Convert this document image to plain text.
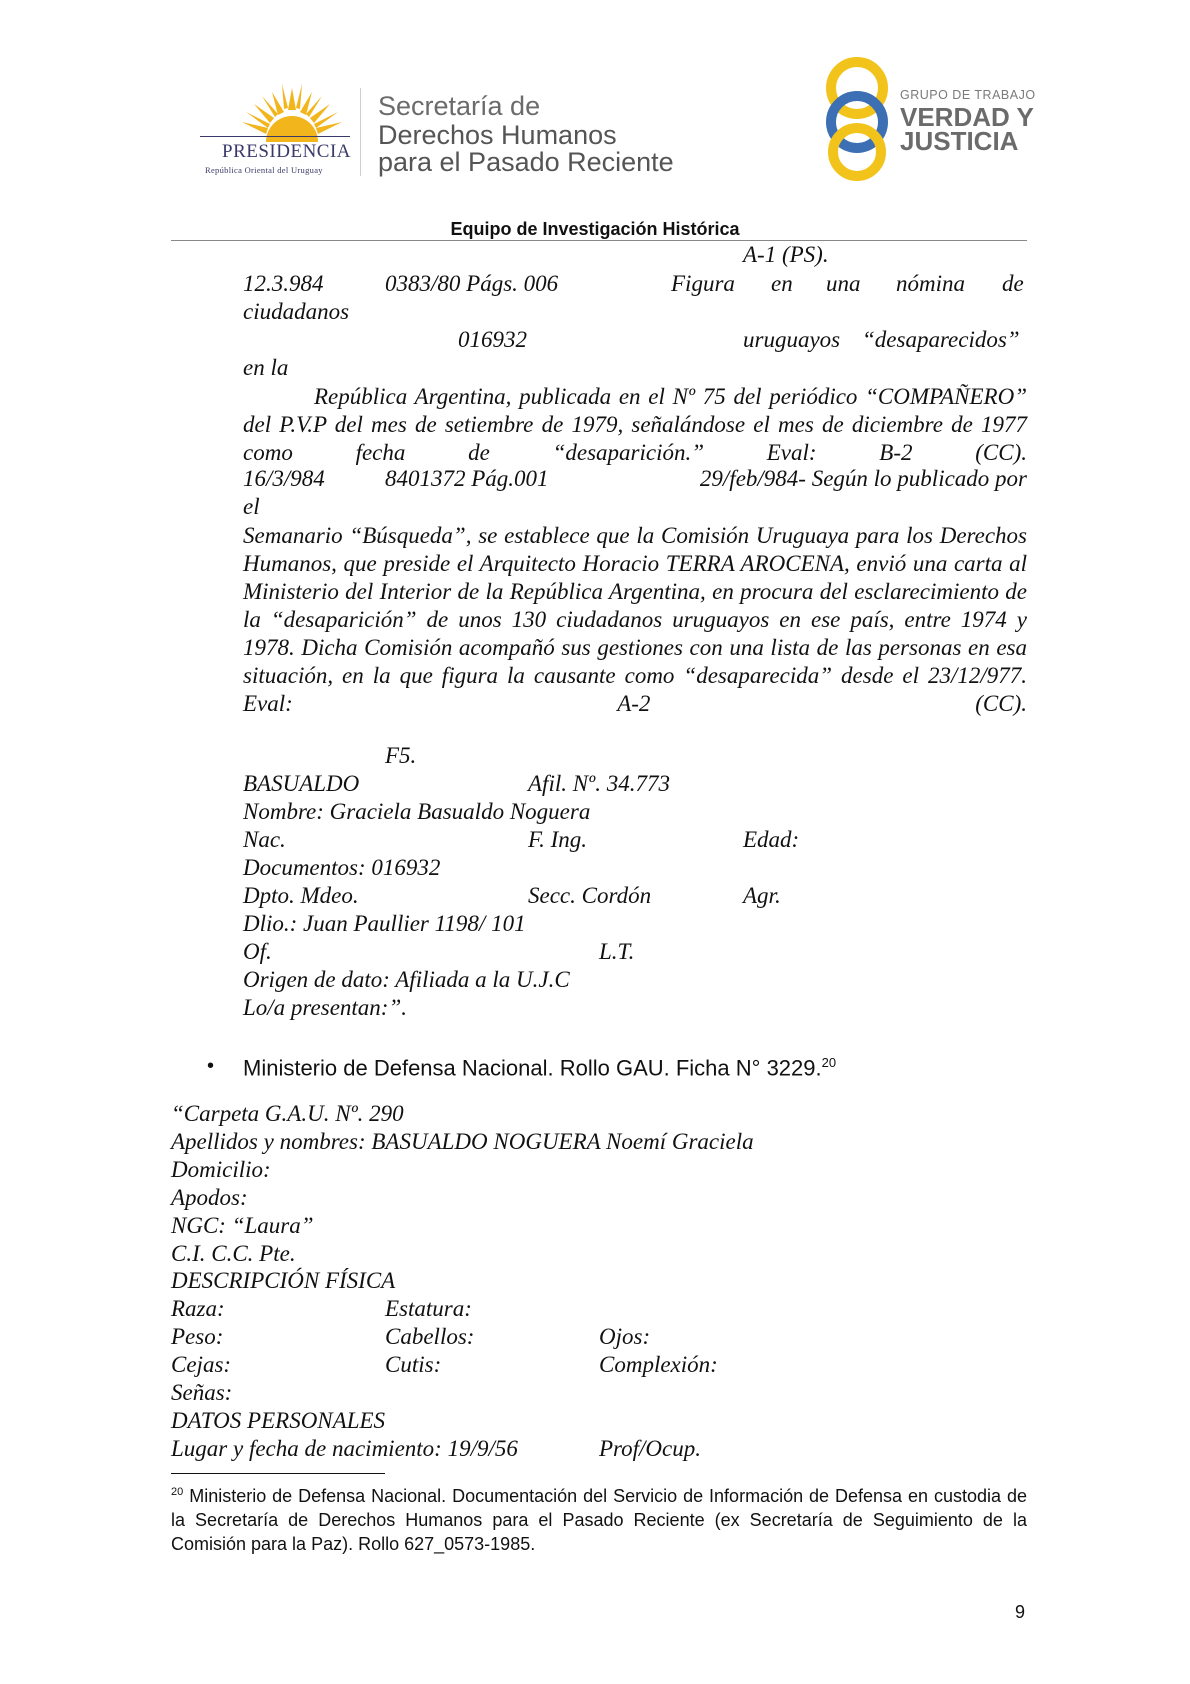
PRESIDENCIA
República Oriental del Uruguay
Secretaría de
Derechos Humanos
para el Pasado Reciente
GRUPO DE TRABAJO
VERDAD Y
JUSTICIA
Equipo de Investigación Histórica
A-1 (PS).
12.3.984	0383/80 Págs. 006	Figura en una nómina de
ciudadanos
016932	uruguayos “desaparecidos”
en la
República Argentina, publicada en el Nº 75 del periódico “COMPAÑERO” del P.V.P del mes de setiembre de 1979, señalándose el mes de diciembre de 1977 como fecha de “desaparición.” Eval: B-2 (CC).
16/3/984	8401372 Pág.001	29/feb/984- Según lo publicado por
el
Semanario “Búsqueda”, se establece que la Comisión Uruguaya para los Derechos Humanos, que preside el Arquitecto Horacio TERRA AROCENA, envió una carta al Ministerio del Interior de la República Argentina, en procura del esclarecimiento de la “desaparición” de unos 130 ciudadanos uruguayos en ese país, entre 1974 y 1978. Dicha Comisión acompañó sus gestiones con una lista de las personas en esa situación, en la que figura la causante como “desaparecida” desde el 23/12/977. Eval: A-2 (CC).
F5.
BASUALDO	Afil. Nº. 34.773
Nombre: Graciela Basualdo Noguera
Nac.	F. Ing.	Edad:
Documentos: 016932
Dpto. Mdeo.	Secc. Cordón	Agr.
Dlio.: Juan Paullier 1198/ 101
Of.	L.T.
Origen de dato: Afiliada a la U.J.C
Lo/a presentan:”.
• Ministerio de Defensa Nacional. Rollo GAU. Ficha N° 3229.20
“Carpeta G.A.U. Nº. 290
Apellidos y nombres: BASUALDO NOGUERA Noemí Graciela
Domicilio:
Apodos:
NGC: “Laura”
C.I. C.C. Pte.
DESCRIPCIÓN FÍSICA
Raza:	Estatura:
Peso:	Cabellos:	Ojos:
Cejas:	Cutis:	Complexión:
Señas:
DATOS PERSONALES
Lugar y fecha de nacimiento: 19/9/56	Prof/Ocup.
$^{20}$ Ministerio de Defensa Nacional. Documentación del Servicio de Información de Defensa en custodia de la Secretaría de Derechos Humanos para el Pasado Reciente (ex Secretaría de Seguimiento de la Comisión para la Paz). Rollo 627_0573-1985.
9
